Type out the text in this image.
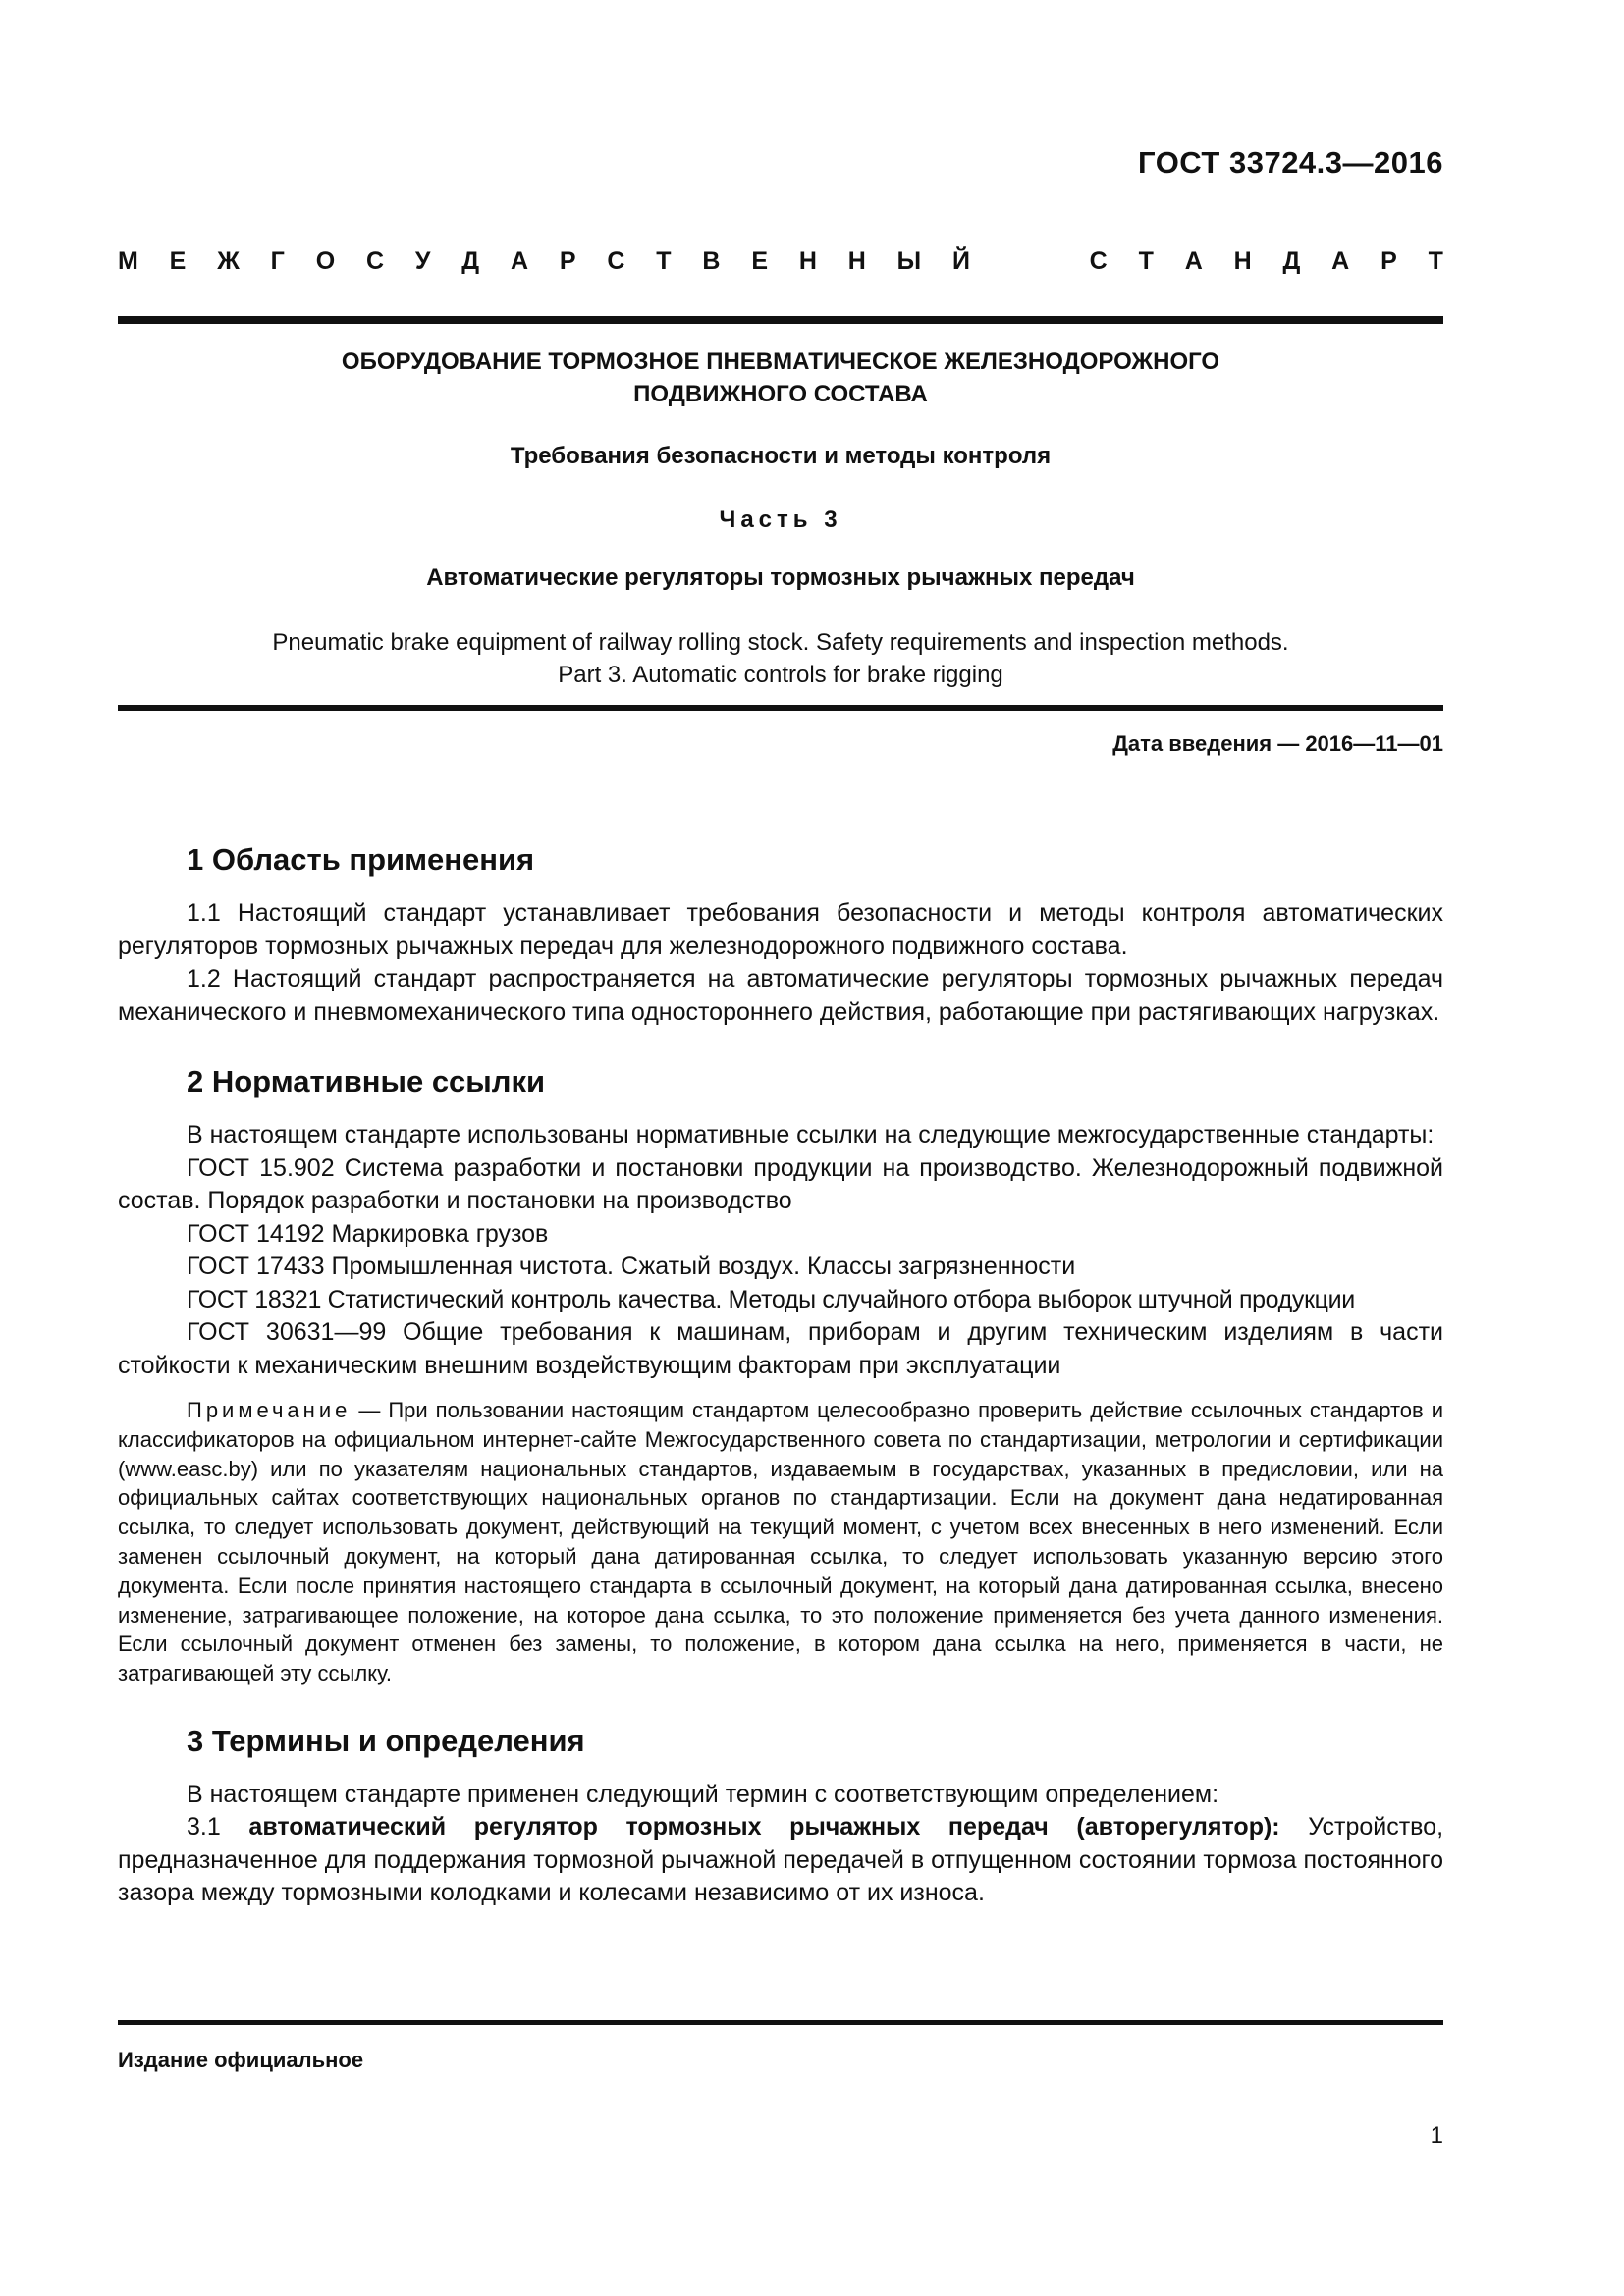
ГОСТ 33724.3—2016
М Е Ж Г О С У Д А Р С Т В Е Н Н Ы Й	С Т А Н Д А Р Т
ОБОРУДОВАНИЕ ТОРМОЗНОЕ ПНЕВМАТИЧЕСКОЕ ЖЕЛЕЗНОДОРОЖНОГО
ПОДВИЖНОГО СОСТАВА
Требования безопасности и методы контроля
Часть 3
Автоматические регуляторы тормозных рычажных передач
Pneumatic brake equipment of railway rolling stock. Safety requirements and inspection methods.
Part 3. Automatic controls for brake rigging
Дата введения — 2016—11—01
1 Область применения

1.1 Настоящий стандарт устанавливает требования безопасности и методы контроля автоматических регуляторов тормозных рычажных передач для железнодорожного подвижного состава.

1.2 Настоящий стандарт распространяется на автоматические регуляторы тормозных рычажных передач механического и пневмомеханического типа одностороннего действия, работающие при растягивающих нагрузках.

2 Нормативные ссылки

В настоящем стандарте использованы нормативные ссылки на следующие межгосударственные стандарты:

ГОСТ 15.902 Система разработки и постановки продукции на производство. Железнодорожный подвижной состав. Порядок разработки и постановки на производство

ГОСТ 14192 Маркировка грузов

ГОСТ 17433 Промышленная чистота. Сжатый воздух. Классы загрязненности

ГОСТ 18321 Статистический контроль качества. Методы случайного отбора выборок штучной продукции

ГОСТ 30631—99 Общие требования к машинам, приборам и другим техническим изделиям в части стойкости к механическим внешним воздействующим факторам при эксплуатации

Примечание — При пользовании настоящим стандартом целесообразно проверить действие ссылочных стандартов и классификаторов на официальном интернет-сайте Межгосударственного совета по стандартизации, метрологии и сертификации (www.easc.by) или по указателям национальных стандартов, издаваемым в государствах, указанных в предисловии, или на официальных сайтах соответствующих национальных органов по стандартизации. Если на документ дана недатированная ссылка, то следует использовать документ, действующий на текущий момент, с учетом всех внесенных в него изменений. Если заменен ссылочный документ, на который дана датированная ссылка, то следует использовать указанную версию этого документа. Если после принятия настоящего стандарта в ссылочный документ, на который дана датированная ссылка, внесено изменение, затрагивающее положение, на которое дана ссылка, то это положение применяется без учета данного изменения. Если ссылочный документ отменен без замены, то положение, в котором дана ссылка на него, применяется в части, не затрагивающей эту ссылку.

3 Термины и определения

В настоящем стандарте применен следующий термин с соответствующим определением:

3.1 автоматический регулятор тормозных рычажных передач (авторегулятор): Устройство, предназначенное для поддержания тормозной рычажной передачей в отпущенном состоянии тормоза постоянного зазора между тормозными колодками и колесами независимо от их износа.

Издание официальное
1
